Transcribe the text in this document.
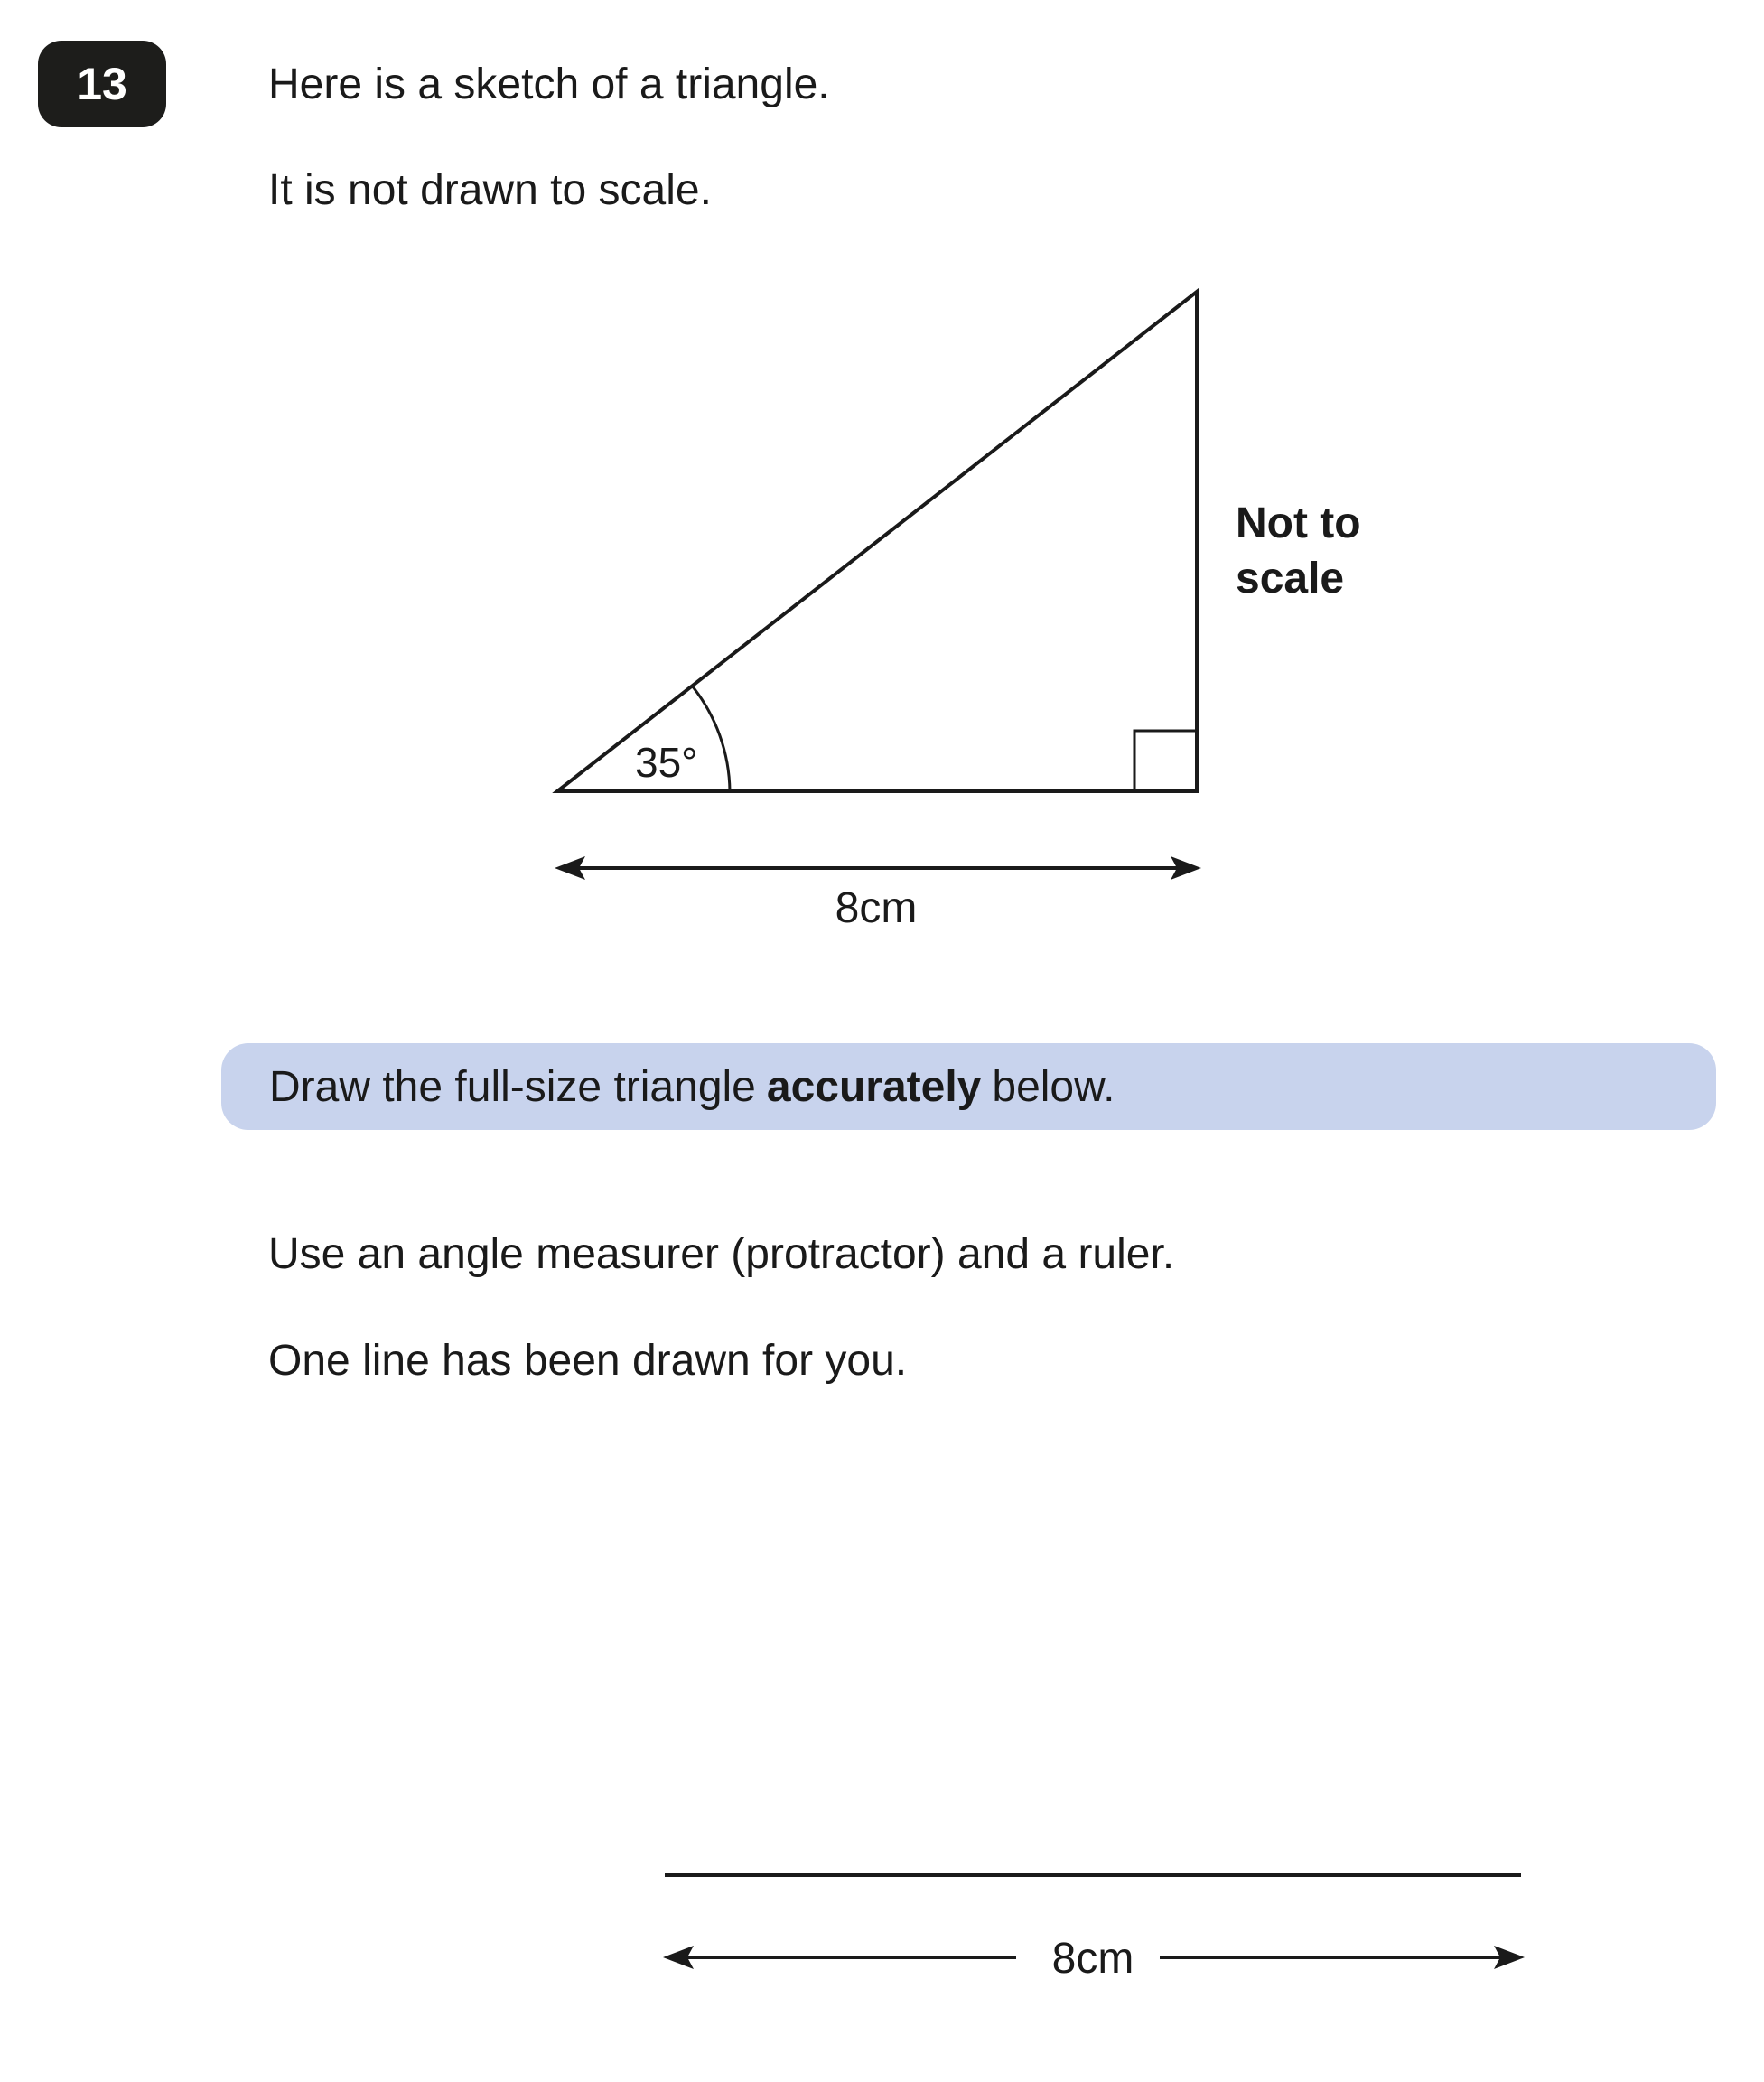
13	Here is a sketch of a triangle.
It is not drawn to scale.
35°
8cm
Not to
scale
8cm
Draw the full-size triangle accurately below.
Use an angle measurer (protractor) and a ruler.
One line has been drawn for you.
